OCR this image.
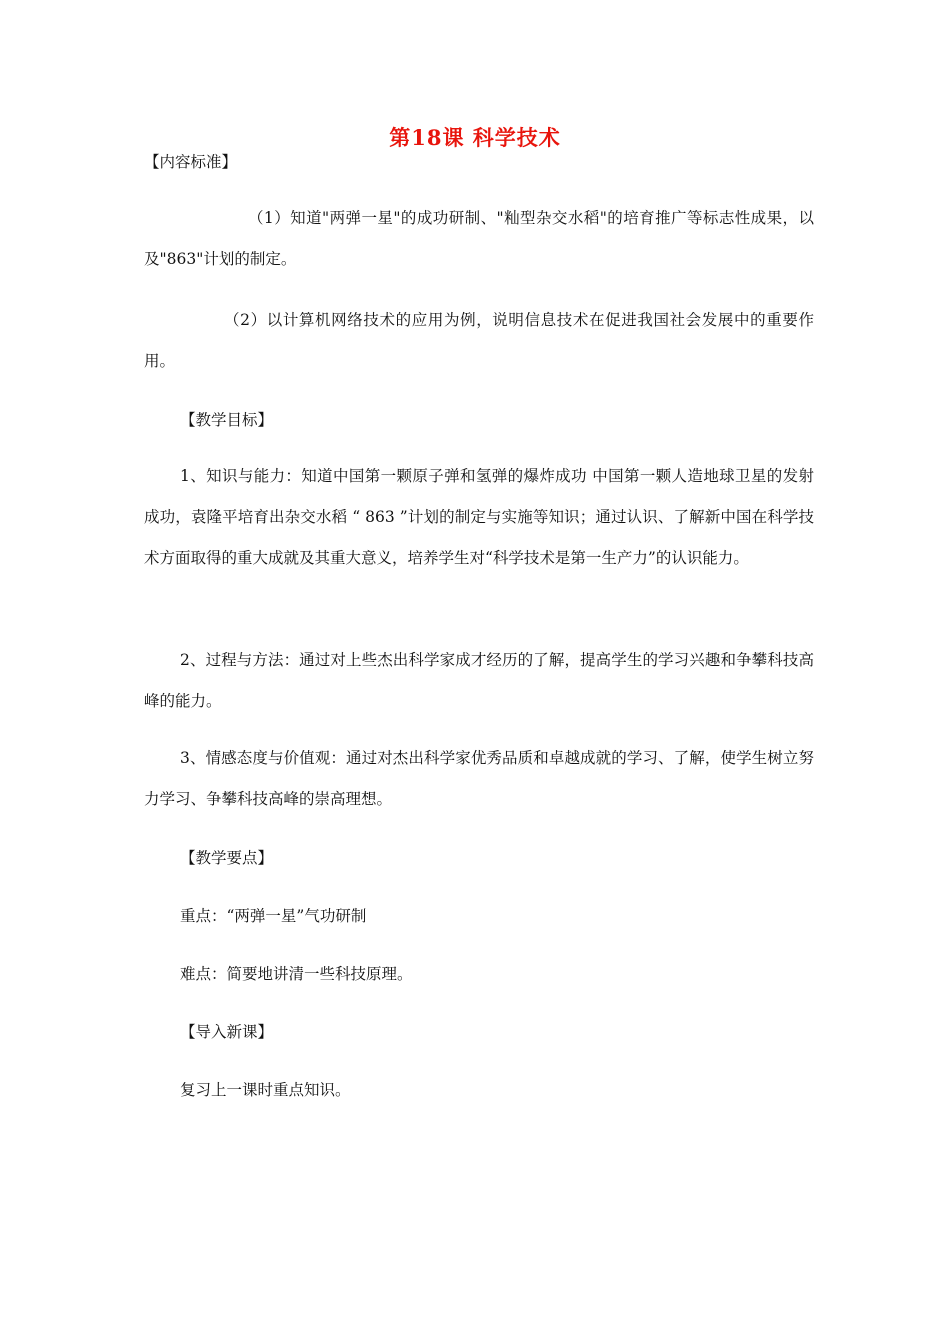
第18课 科学技术
【内容标准】
（1）知道"两弹一星"的成功研制、"籼型杂交水稻"的培育推广等标志性成果，以及"863"计划的制定。
（2）以计算机网络技术的应用为例，说明信息技术在促进我国社会发展中的重要作用。
【教学目标】
1、知识与能力：知道中国第一颗原子弹和氢弹的爆炸成功 中国第一颗人造地球卫星的发射成功，袁隆平培育出杂交水稻 “ 863 ”计划的制定与实施等知识；通过认识、了解新中国在科学技术方面取得的重大成就及其重大意义，培养学生对“科学技术是第一生产力”的认识能力。
2、过程与方法：通过对上些杰出科学家成才经历的了解，提高学生的学习兴趣和争攀科技高峰的能力。
3、情感态度与价值观：通过对杰出科学家优秀品质和卓越成就的学习、了解，使学生树立努力学习、争攀科技高峰的崇高理想。
【教学要点】
重点：“两弹一星”气功研制
难点：简要地讲清一些科技原理。
【导入新课】
复习上一课时重点知识。
